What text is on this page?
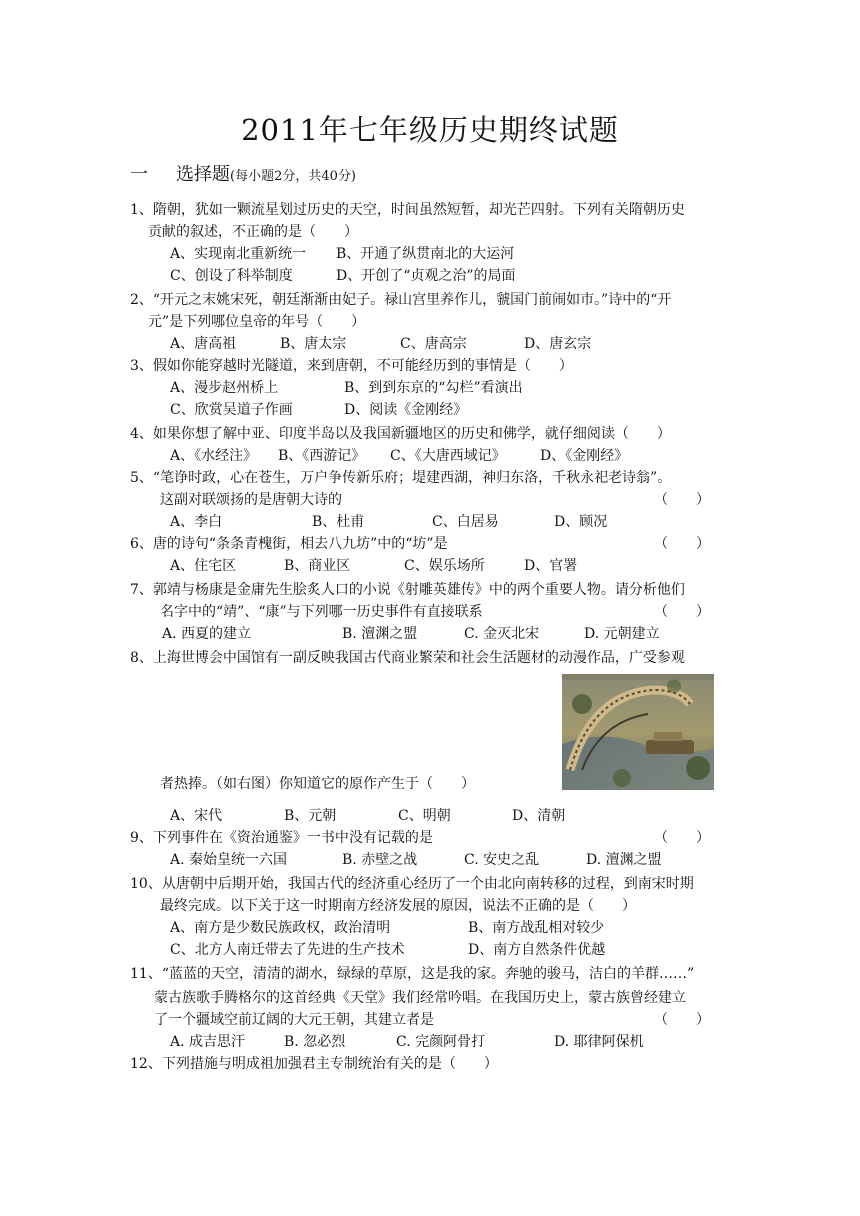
2011年七年级历史期终试题
一 选择题(每小题2分，共40分)
1、隋朝，犹如一颗流星划过历史的天空，时间虽然短暂，却光芒四射。下列有关隋朝历史
贡献的叙述，不正确的是（　　）
A、实现南北重新统一 B、开通了纵贯南北的大运河
C、创设了科举制度	D、开创了“贞观之治”的局面
2、“开元之末姚宋死，朝廷渐渐由妃子。禄山宫里养作儿，虢国门前闹如市。”诗中的“开
元”是下列哪位皇帝的年号（　　）
A、唐高祖	B、唐太宗	C、唐高宗	D、唐玄宗
3、假如你能穿越时光隧道，来到唐朝，不可能经历到的事情是（　　）
A、漫步赵州桥上	B、到到东京的“勾栏”看演出
C、欣赏吴道子作画	D、阅读《金刚经》
4、如果你想了解中亚、印度半岛以及我国新疆地区的历史和佛学，就仔细阅读（　　）
A、《水经注》 B、《西游记》 C、《大唐西域记》 D、《金刚经》
5、“笔诤时政，心在苍生，万户争传新乐府；堤建西湖，神归东洛，千秋永祀老诗翁”。
这副对联颂扬的是唐朝大诗的	（　　）
A、李白	B、杜甫	C、白居易	D、顾况
6、唐的诗句“条条青槐街，相去八九坊”中的“坊”是	（　　）
A、住宅区	B、商业区	C、娱乐场所	D、官署
7、郭靖与杨康是金庸先生脍炙人口的小说《射雕英雄传》中的两个重要人物。请分析他们
名字中的“靖”、“康”与下列哪一历史事件有直接联系	（　　）
A. 西夏的建立	B. 澶渊之盟	C. 金灭北宋	D. 元朝建立
8、上海世博会中国馆有一副反映我国古代商业繁荣和社会生活题材的动漫作品，广受参观
者热捧。（如右图）你知道它的原作产生于（　　）
A、宋代	B、元朝	C、明朝	D、清朝
9、下列事件在《资治通鉴》一书中没有记载的是	（　　）
A. 秦始皇统一六国	B. 赤壁之战	C. 安史之乱	D. 澶渊之盟
10、从唐朝中后期开始，我国古代的经济重心经历了一个由北向南转移的过程，到南宋时期
最终完成。以下关于这一时期南方经济发展的原因，说法不正确的是（　　）
A、南方是少数民族政权，政治清明	B、南方战乱相对较少
C、北方人南迁带去了先进的生产技术	D、南方自然条件优越
11、“蓝蓝的天空，清清的湖水，绿绿的草原，这是我的家。奔驰的骏马，洁白的羊群……”
蒙古族歌手腾格尔的这首经典《天堂》我们经常吟唱。在我国历史上，蒙古族曾经建立
了一个疆域空前辽阔的大元王朝，其建立者是	（　　）
A. 成吉思汗	B. 忽必烈	C. 完颜阿骨打	D. 耶律阿保机
12、下列措施与明成祖加强君主专制统治有关的是（　　）
